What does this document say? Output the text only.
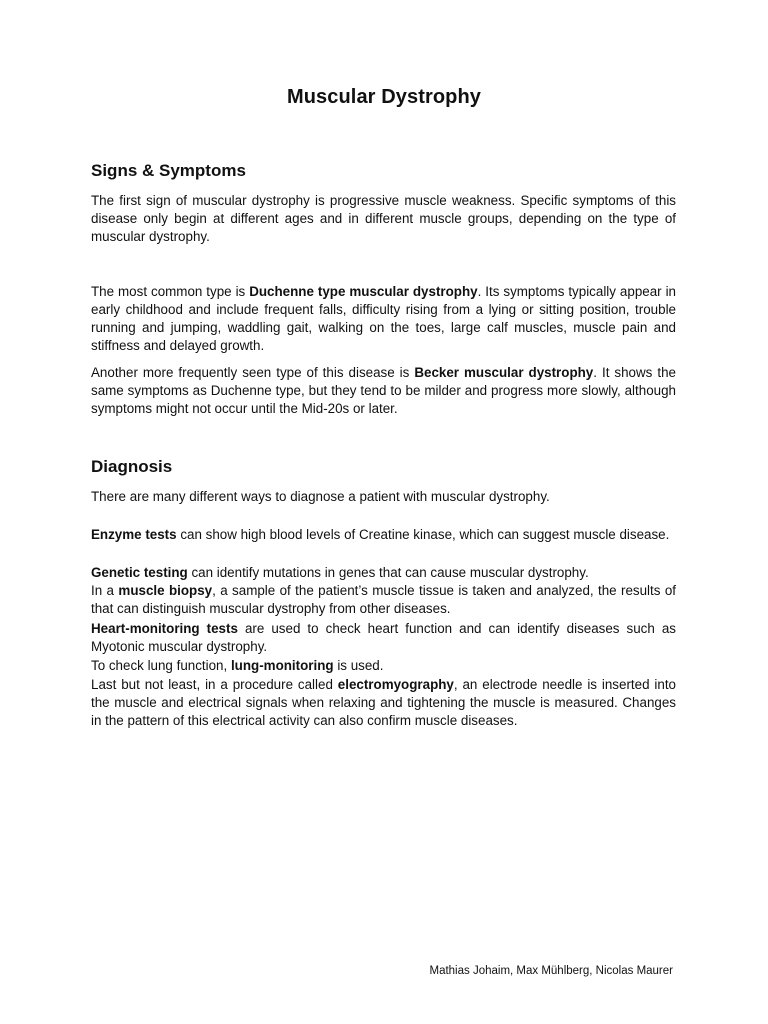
Muscular Dystrophy
Signs & Symptoms
The first sign of muscular dystrophy is progressive muscle weakness. Specific symptoms of this disease only begin at different ages and in different muscle groups, depending on the type of muscular dystrophy.
The most common type is Duchenne type muscular dystrophy. Its symptoms typically appear in early childhood and include frequent falls, difficulty rising from a lying or sitting position, trouble running and jumping, waddling gait, walking on the toes, large calf muscles, muscle pain and stiffness and delayed growth.
Another more frequently seen type of this disease is Becker muscular dystrophy. It shows the same symptoms as Duchenne type, but they tend to be milder and progress more slowly, although symptoms might not occur until the Mid-20s or later.
Diagnosis
There are many different ways to diagnose a patient with muscular dystrophy.
Enzyme tests can show high blood levels of Creatine kinase, which can suggest muscle disease.
Genetic testing can identify mutations in genes that can cause muscular dystrophy.
In a muscle biopsy, a sample of the patient’s muscle tissue is taken and analyzed, the results of that can distinguish muscular dystrophy from other diseases.
Heart-monitoring tests are used to check heart function and can identify diseases such as Myotonic muscular dystrophy.
To check lung function, lung-monitoring is used.
Last but not least, in a procedure called electromyography, an electrode needle is inserted into the muscle and electrical signals when relaxing and tightening the muscle is measured. Changes in the pattern of this electrical activity can also confirm muscle diseases.
Mathias Johaim, Max Mühlberg, Nicolas Maurer
